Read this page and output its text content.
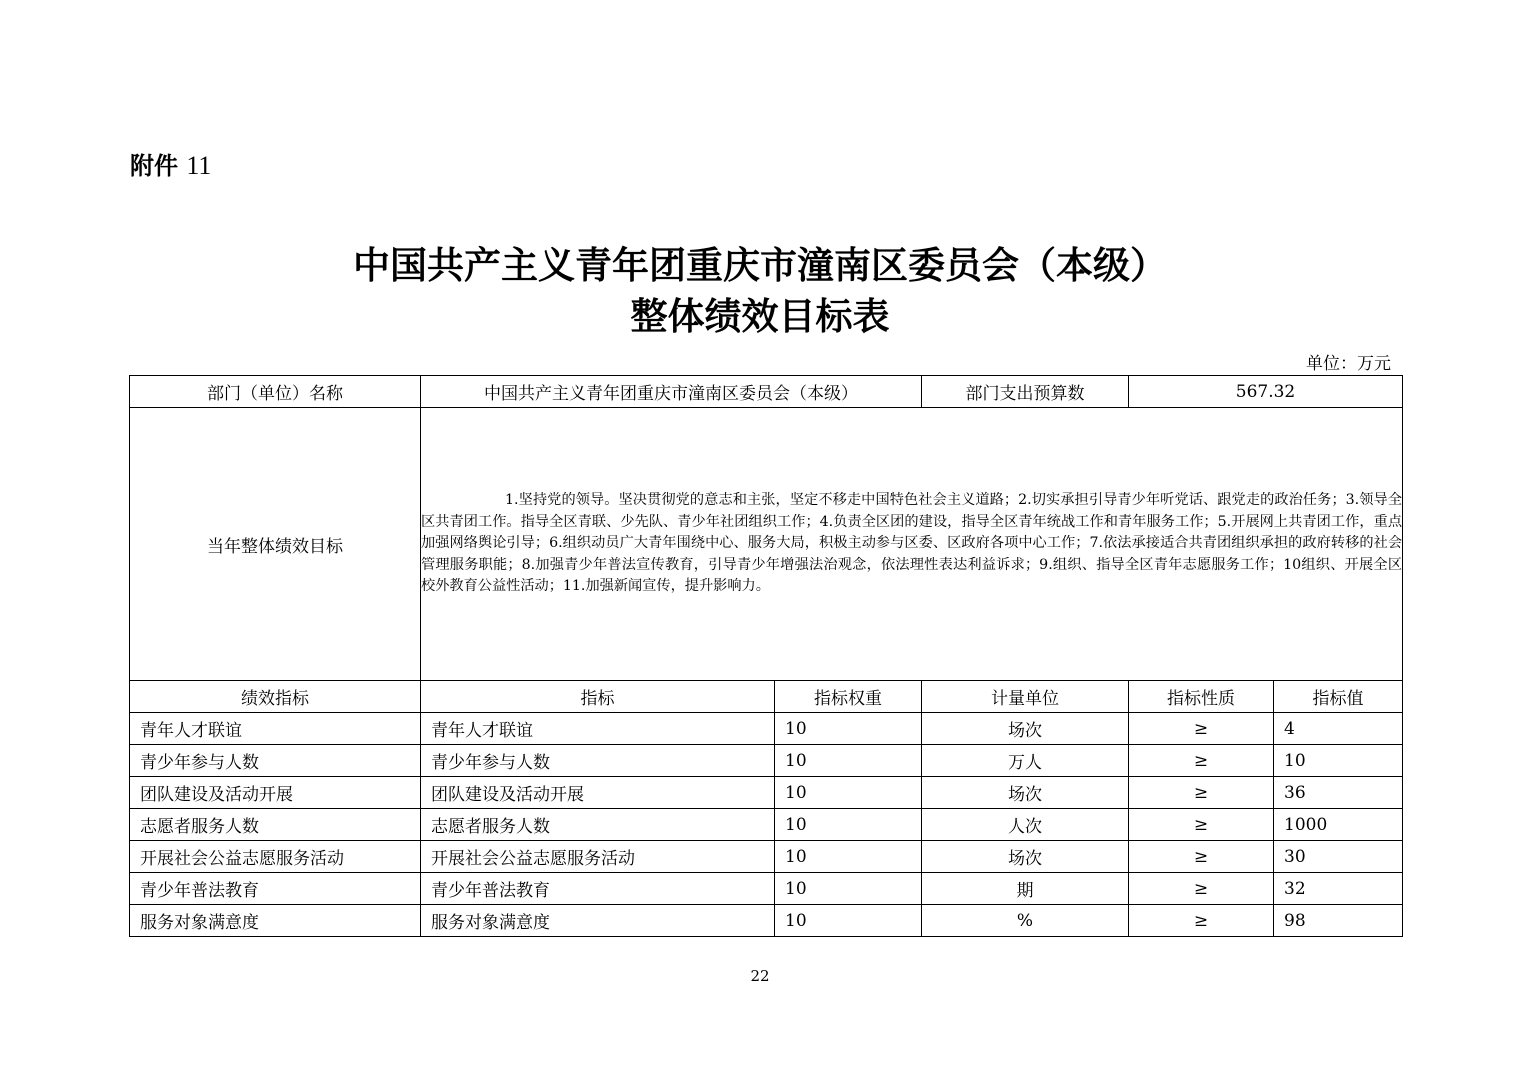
附件 11
中国共产主义青年团重庆市潼南区委员会（本级）
整体绩效目标表
单位：万元
部门（单位）名称	中国共产主义青年团重庆市潼南区委员会（本级）		部门支出预算数	567.32	
当年整体绩效目标	1.坚持党的领导。坚决贯彻党的意志和主张，坚定不移走中国特色社会主义道路；2.切实承担引导青少年听党话、跟党走的政治任务；3.领导全区共青团工作。指导全区青联、少先队、青少年社团组织工作；4.负责全区团的建设，指导全区青年统战工作和青年服务工作；5.开展网上共青团工作，重点加强网络舆论引导；6.组织动员广大青年围绕中心、服务大局，积极主动参与区委、区政府各项中心工作；7.依法承接适合共青团组织承担的政府转移的社会管理服务职能；8.加强青少年普法宣传教育，引导青少年增强法治观念，依法理性表达利益诉求；9.组织、指导全区青年志愿服务工作；10组织、开展全区校外教育公益性活动；11.加强新闻宣传，提升影响力。				

绩效指标	指标	指标权重	计量单位	指标性质	指标值
青年人才联谊	青年人才联谊	10	场次	≥	4
青少年参与人数	青少年参与人数	10	万人	≥	10
团队建设及活动开展	团队建设及活动开展	10	场次	≥	36
志愿者服务人数	志愿者服务人数	10	人次	≥	1000
开展社会公益志愿服务活动	开展社会公益志愿服务活动	10	场次	≥	30
青少年普法教育	青少年普法教育	10	期	≥	32
服务对象满意度	服务对象满意度	10	%	≥	98
22
